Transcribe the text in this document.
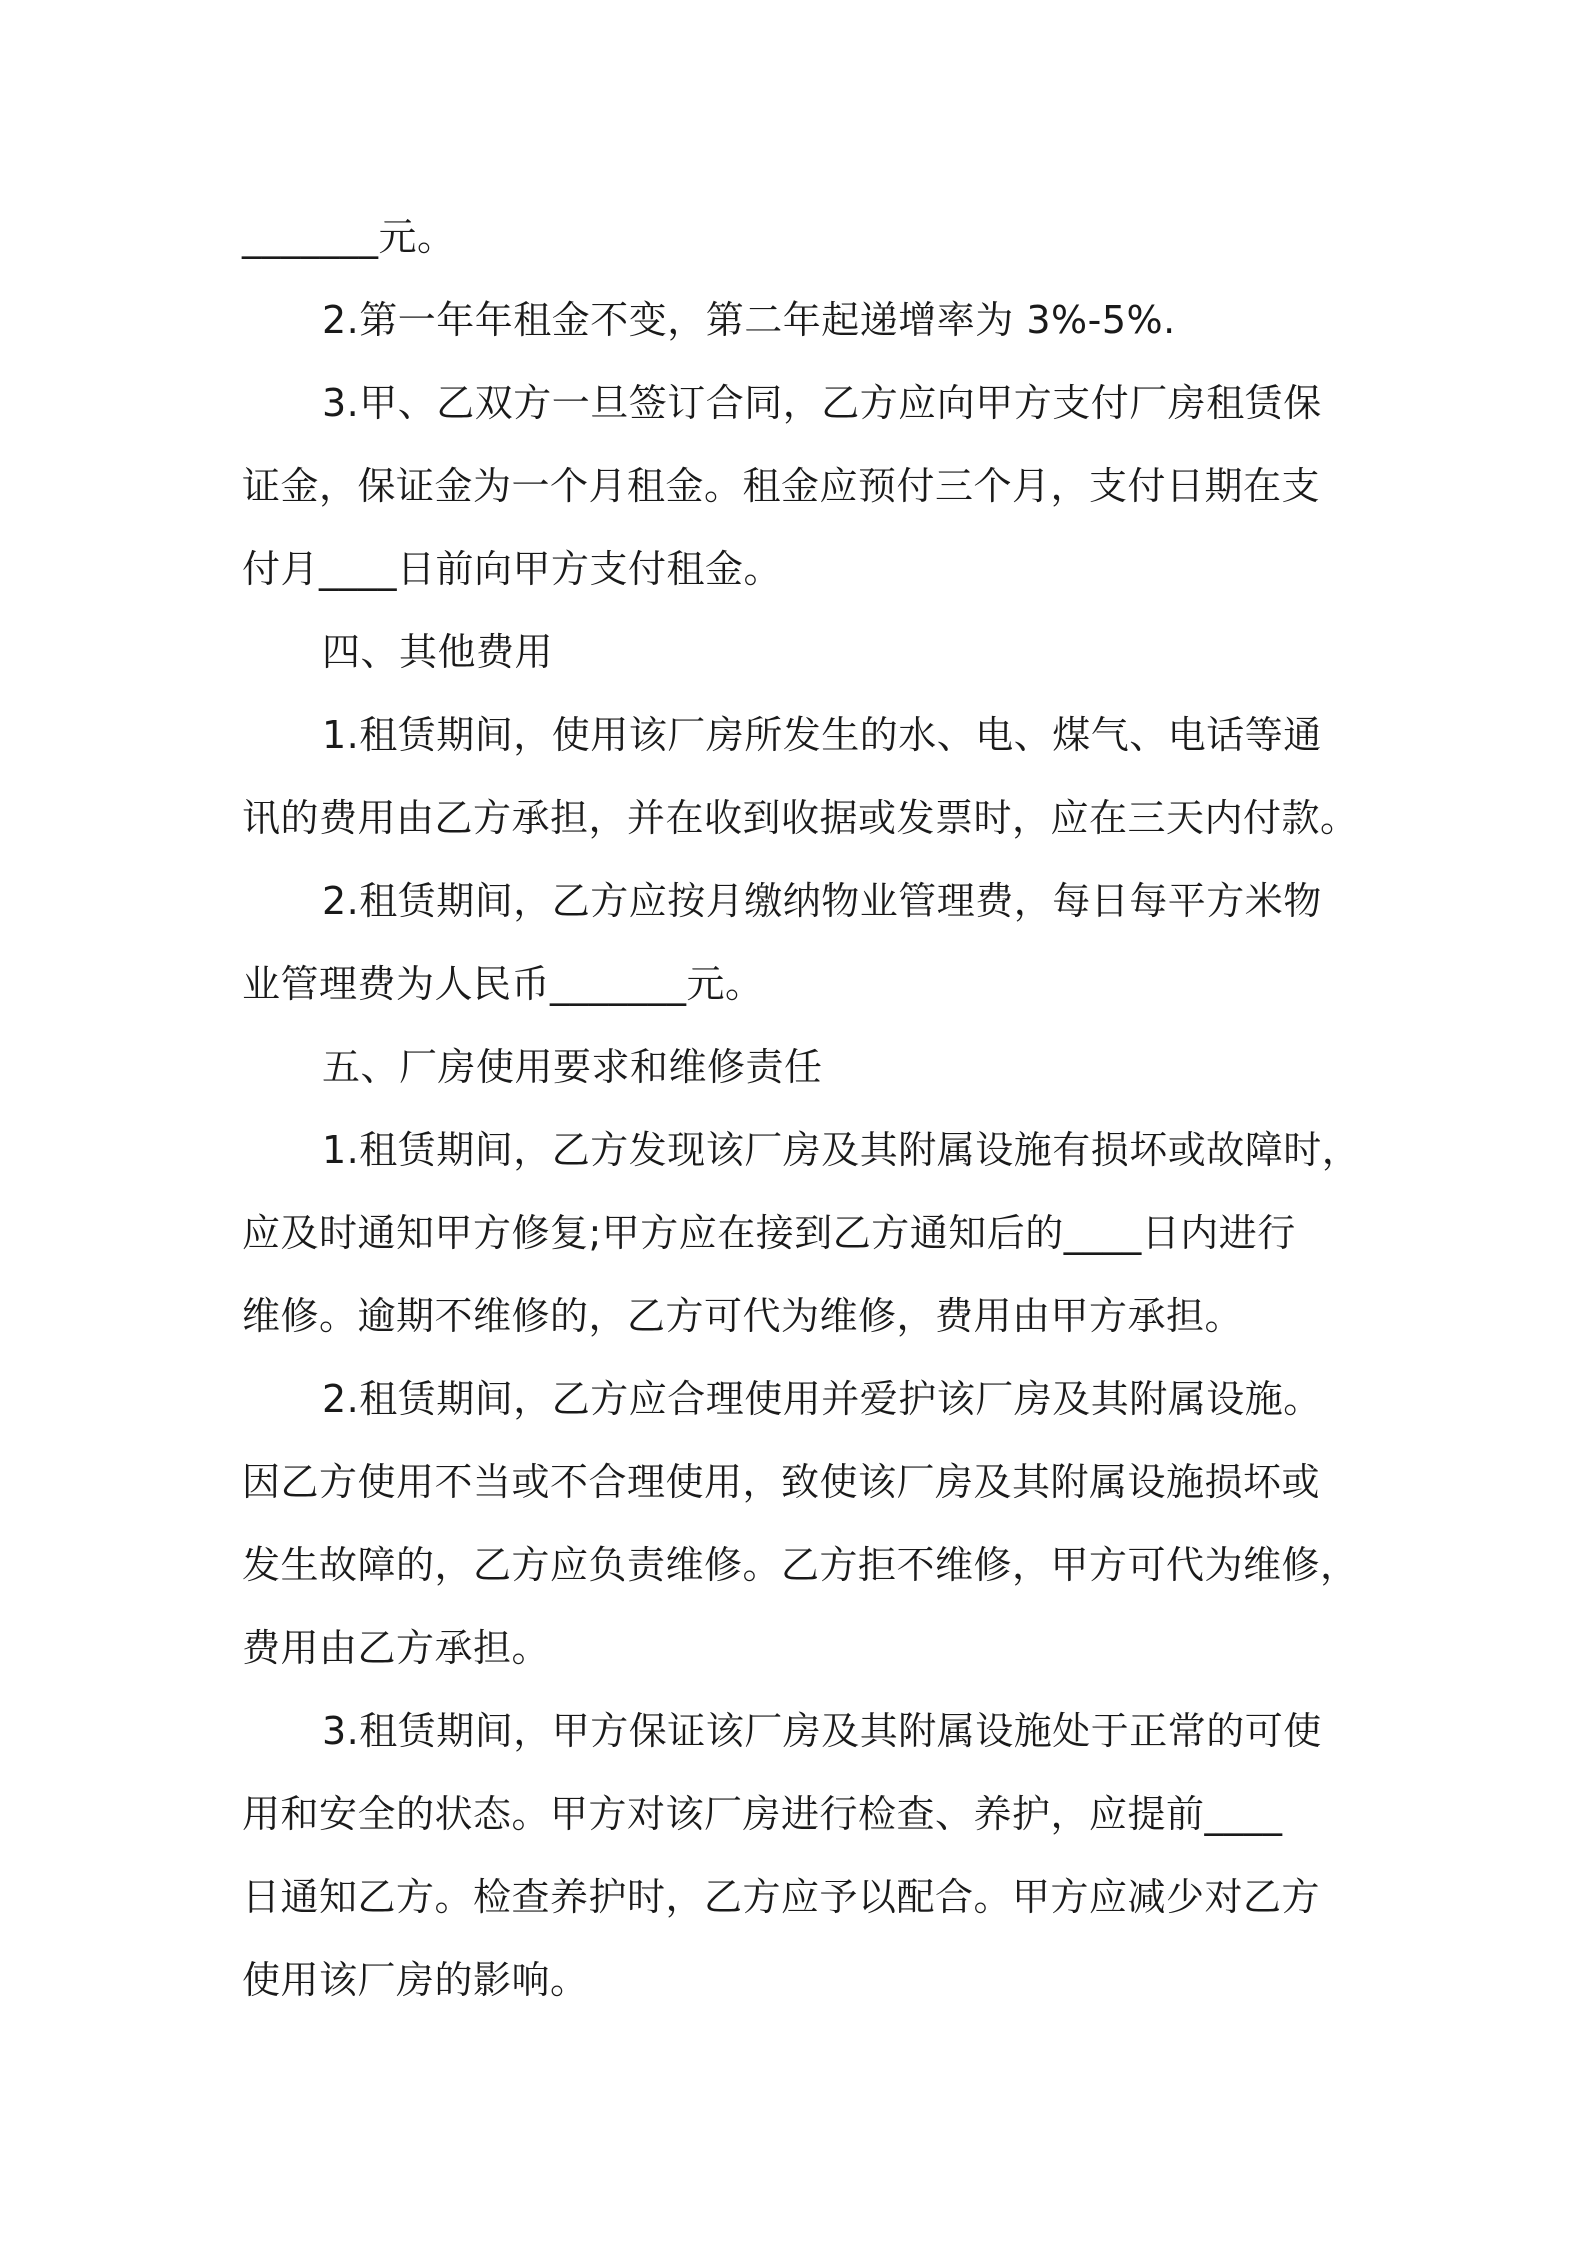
_______元。
2.第一年年租金不变，第二年起递增率为 3%-5%.
3.甲、乙双方一旦签订合同，乙方应向甲方支付厂房租赁保
证金，保证金为一个月租金。租金应预付三个月，支付日期在支
付月____日前向甲方支付租金。
四、其他费用
1.租赁期间，使用该厂房所发生的水、电、煤气、电话等通
讯的费用由乙方承担，并在收到收据或发票时，应在三天内付款。
2.租赁期间，乙方应按月缴纳物业管理费，每日每平方米物
业管理费为人民币_______元。
五、厂房使用要求和维修责任
1.租赁期间，乙方发现该厂房及其附属设施有损坏或故障时，
应及时通知甲方修复;甲方应在接到乙方通知后的____日内进行
维修。逾期不维修的，乙方可代为维修，费用由甲方承担。
2.租赁期间，乙方应合理使用并爱护该厂房及其附属设施。
因乙方使用不当或不合理使用，致使该厂房及其附属设施损坏或
发生故障的，乙方应负责维修。乙方拒不维修，甲方可代为维修，
费用由乙方承担。
3.租赁期间，甲方保证该厂房及其附属设施处于正常的可使
用和安全的状态。甲方对该厂房进行检查、养护，应提前____
日通知乙方。检查养护时，乙方应予以配合。甲方应减少对乙方
使用该厂房的影响。
